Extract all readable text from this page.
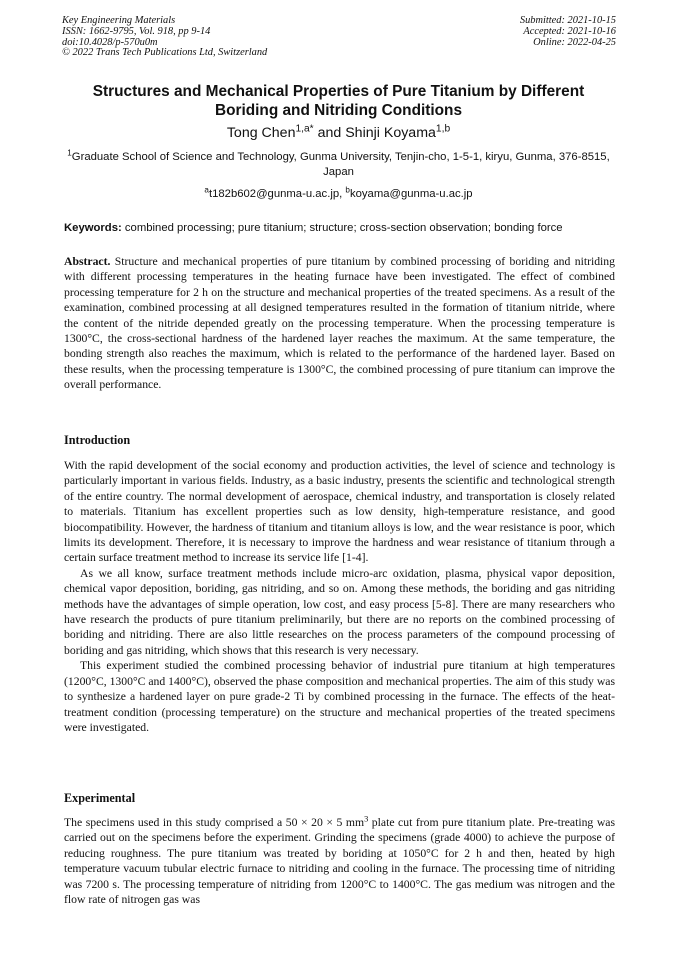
Key Engineering Materials
ISSN: 1662-9795, Vol. 918, pp 9-14
doi:10.4028/p-570u0m
© 2022 Trans Tech Publications Ltd, Switzerland
Submitted: 2021-10-15
Accepted: 2021-10-16
Online: 2022-04-25
Structures and Mechanical Properties of Pure Titanium by Different Boriding and Nitriding Conditions
Tong Chen$^{1,a*}$ and Shinji Koyama$^{1,b}$
$^1$Graduate School of Science and Technology, Gunma University, Tenjin-cho, 1-5-1, kiryu, Gunma, 376-8515, Japan
$^a$t182b602@gunma-u.ac.jp, $^b$koyama@gunma-u.ac.jp
Keywords: combined processing; pure titanium; structure; cross-section observation; bonding force

Abstract. Structure and mechanical properties of pure titanium by combined processing of boriding and nitriding with different processing temperatures in the heating furnace have been investigated. The effect of combined processing temperature for 2 h on the structure and mechanical properties of the treated specimens. As a result of the examination, combined processing at all designed temperatures resulted in the formation of titanium nitride, where the content of the nitride depended greatly on the processing temperature. When the processing temperature is 1300°C, the cross-sectional hardness of the hardened layer reaches the maximum. At the same temperature, the bonding strength also reaches the maximum, which is related to the performance of the hardened layer. Based on these results, when the processing temperature is 1300°C, the combined processing of pure titanium can improve the overall performance.

Introduction

With the rapid development of the social economy and production activities, the level of science and technology is particularly important in various fields. Industry, as a basic industry, presents the scientific and technological strength of the entire country. The normal development of aerospace, chemical industry, and transportation is closely related to materials. Titanium has excellent properties such as low density, high-temperature resistance, and good biocompatibility. However, the hardness of titanium and titanium alloys is low, and the wear resistance is poor, which limits its development. Therefore, it is necessary to improve the hardness and wear resistance of titanium through a certain surface treatment method to increase its service life [1-4].

As we all know, surface treatment methods include micro-arc oxidation, plasma, physical vapor deposition, chemical vapor deposition, boriding, gas nitriding, and so on. Among these methods, the boriding and gas nitriding methods have the advantages of simple operation, low cost, and easy process [5-8]. There are many researchers who have research the products of pure titanium preliminarily, but there are no reports on the combined processing of boriding and nitriding. There are also little researches on the process parameters of the compound processing of boriding and gas nitriding, which shows that this research is very necessary.

This experiment studied the combined processing behavior of industrial pure titanium at high temperatures (1200°C, 1300°C and 1400°C), observed the phase composition and mechanical properties. The aim of this study was to synthesize a hardened layer on pure grade-2 Ti by combined processing in the furnace. The effects of the heat-treatment condition (processing temperature) on the structure and mechanical properties of the treated specimens were investigated.

Experimental

The specimens used in this study comprised a 50 × 20 × 5 $mm^3$ plate cut from pure titanium plate. Pre-treating was carried out on the specimens before the experiment. Grinding the specimens (grade 4000) to achieve the purpose of reducing roughness. The pure titanium was treated by boriding at 1050°C for 2 h and then, heated by high temperature vacuum tubular electric furnace to nitriding and cooling in the furnace. The processing time of nitriding was 7200 s. The processing temperature of nitriding from 1200°C to 1400°C. The gas medium was nitrogen and the flow rate of nitrogen gas was
